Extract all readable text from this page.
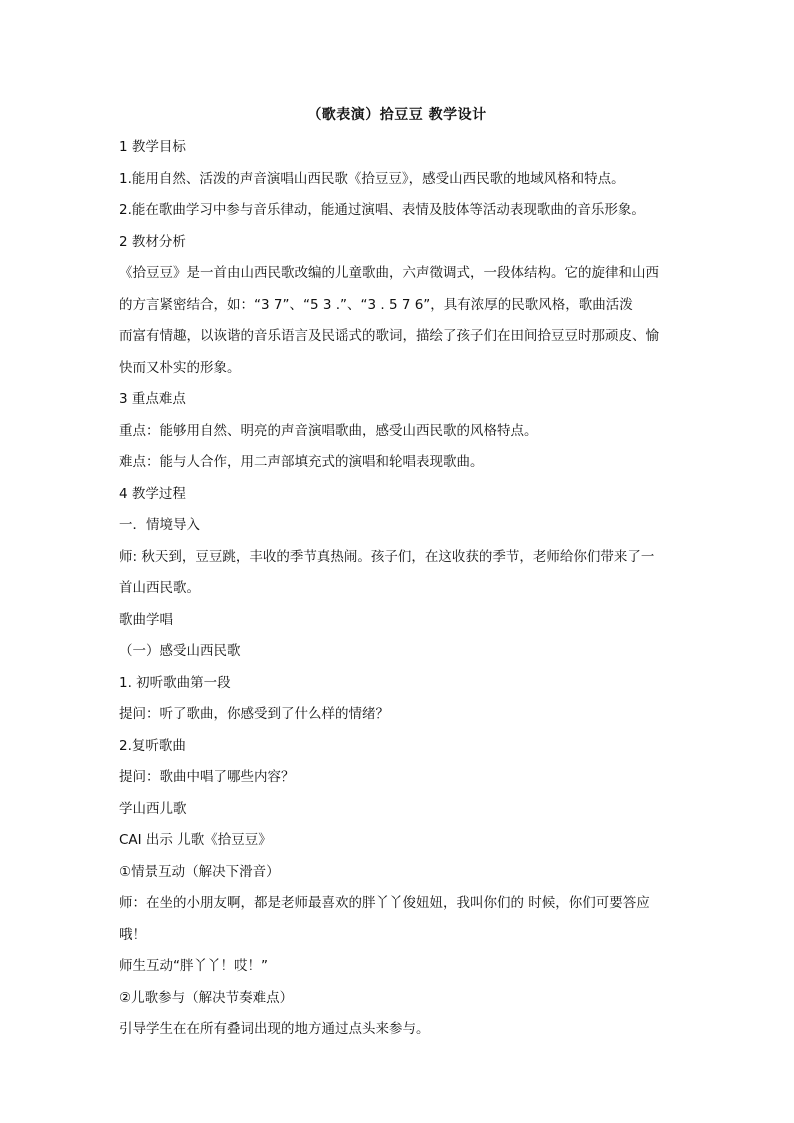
（歌表演）拾豆豆 教学设计
1 教学目标
1.能用自然、活泼的声音演唱山西民歌《拾豆豆》，感受山西民歌的地域风格和特点。
2.能在歌曲学习中参与音乐律动，能通过演唱、表情及肢体等活动表现歌曲的音乐形象。
2 教材分析
《拾豆豆》是一首由山西民歌改编的儿童歌曲，六声徵调式，一段体结构。它的旋律和山西
的方言紧密结合，如：“3 7”、“5 3 .”、“3 . 5 7 6”，具有浓厚的民歌风格，歌曲活泼
而富有情趣，以诙谐的音乐语言及民谣式的歌词，描绘了孩子们在田间拾豆豆时那顽皮、愉
快而又朴实的形象。
3 重点难点
重点：能够用自然、明亮的声音演唱歌曲，感受山西民歌的风格特点。
难点：能与人合作，用二声部填充式的演唱和轮唱表现歌曲。
4 教学过程
一．情境导入
师: 秋天到，豆豆跳，丰收的季节真热闹。孩子们，在这收获的季节，老师给你们带来了一
首山西民歌。
歌曲学唱
（一）感受山西民歌
1. 初听歌曲第一段
提问：听了歌曲，你感受到了什么样的情绪？
2.复听歌曲
提问：歌曲中唱了哪些内容？
学山西儿歌
CAI 出示 儿歌《拾豆豆》
①情景互动（解决下滑音）
师：在坐的小朋友啊，都是老师最喜欢的胖丫丫俊妞妞，我叫你们的 时候，你们可要答应
哦！
师生互动“胖丫丫！哎！”
②儿歌参与（解决节奏难点）
引导学生在在所有叠词出现的地方通过点头来参与。
